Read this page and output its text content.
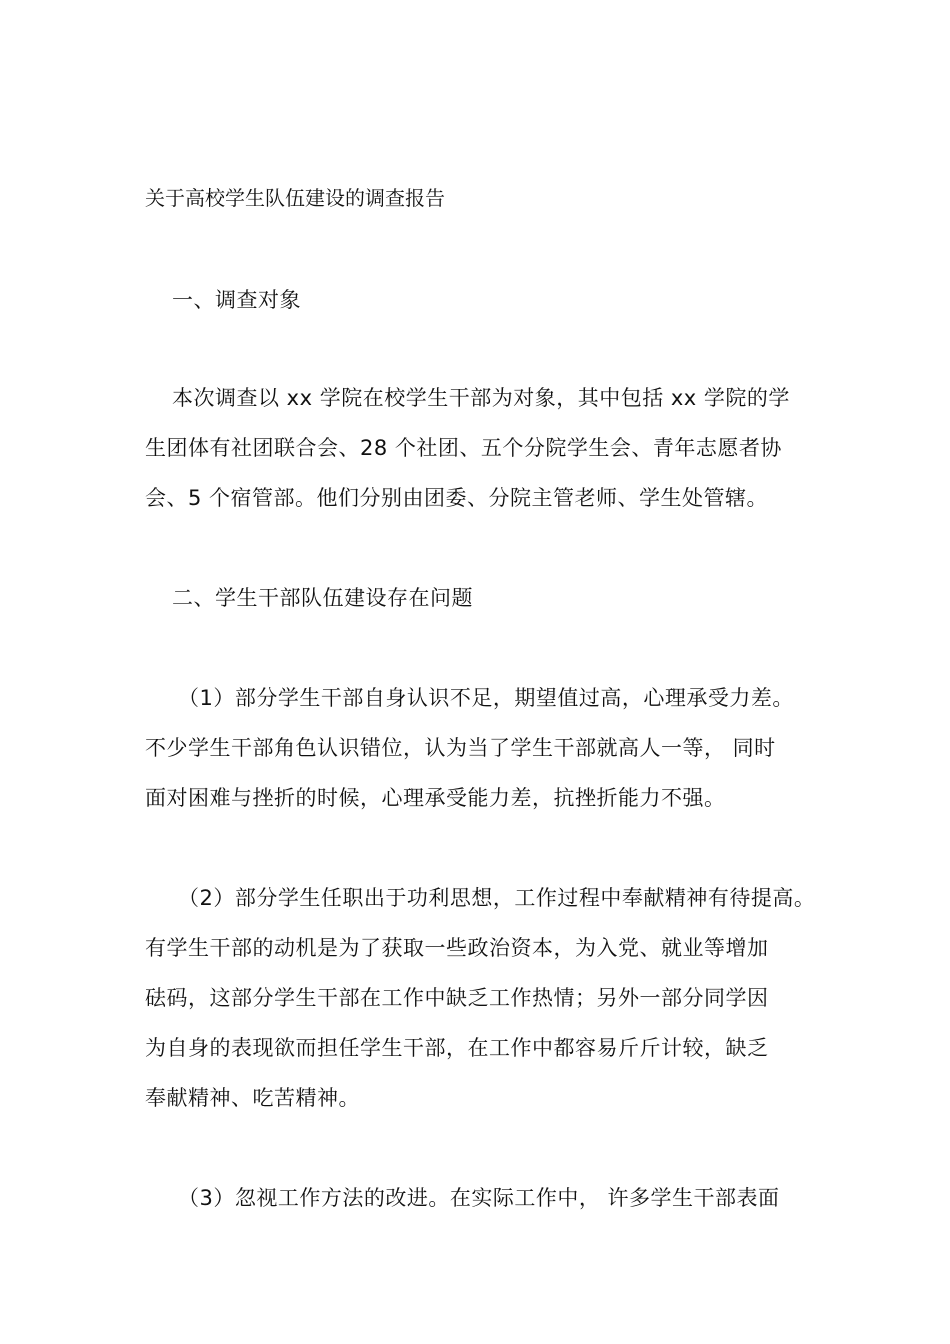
关于高校学生队伍建设的调查报告
一、调查对象
本次调查以 xx 学院在校学生干部为对象，其中包括 xx 学院的学
生团体有社团联合会、28 个社团、五个分院学生会、青年志愿者协
会、5 个宿管部。他们分别由团委、分院主管老师、学生处管辖。
二、学生干部队伍建设存在问题
（1）部分学生干部自身认识不足，期望值过高，心理承受力差。
不少学生干部角色认识错位，认为当了学生干部就高人一等， 同时
面对困难与挫折的时候，心理承受能力差，抗挫折能力不强。
（2）部分学生任职出于功利思想，工作过程中奉献精神有待提高。
有学生干部的动机是为了获取一些政治资本，为入党、就业等增加
砝码，这部分学生干部在工作中缺乏工作热情；另外一部分同学因
为自身的表现欲而担任学生干部，在工作中都容易斤斤计较，缺乏
奉献精神、吃苦精神。
（3）忽视工作方法的改进。在实际工作中， 许多学生干部表面
